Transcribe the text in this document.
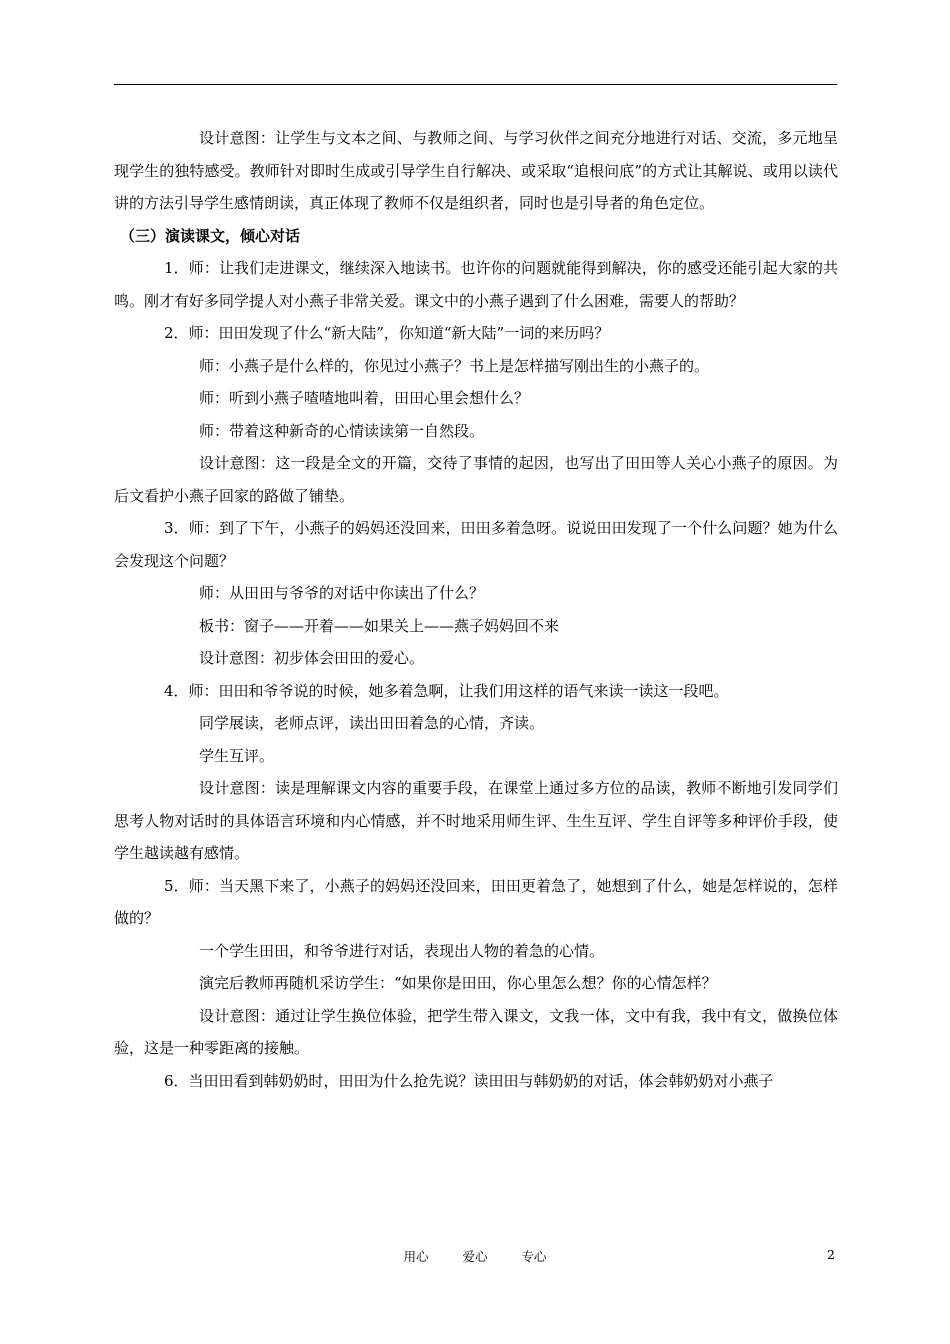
设计意图：让学生与文本之间、与教师之间、与学习伙伴之间充分地进行对话、交流，多元地呈现学生的独特感受。教师针对即时生成或引导学生自行解决、或采取“追根问底”的方式让其解说、或用以读代讲的方法引导学生感情朗读，真正体现了教师不仅是组织者，同时也是引导者的角色定位。

（三）演读课文，倾心对话

1．师：让我们走进课文，继续深入地读书。也许你的问题就能得到解决，你的感受还能引起大家的共鸣。刚才有好多同学提人对小燕子非常关爱。课文中的小燕子遇到了什么困难，需要人的帮助？

2．师：田田发现了什么“新大陆”，你知道“新大陆”一词的来历吗？

师：小燕子是什么样的，你见过小燕子？书上是怎样描写刚出生的小燕子的。

师：听到小燕子喳喳地叫着，田田心里会想什么？

师：带着这种新奇的心情读读第一自然段。

设计意图：这一段是全文的开篇，交待了事情的起因，也写出了田田等人关心小燕子的原因。为后文看护小燕子回家的路做了铺垫。

3．师：到了下午，小燕子的妈妈还没回来，田田多着急呀。说说田田发现了一个什么问题？她为什么会发现这个问题？

师：从田田与爷爷的对话中你读出了什么？

板书：窗子——开着——如果关上——燕子妈妈回不来

设计意图：初步体会田田的爱心。

4．师：田田和爷爷说的时候，她多着急啊，让我们用这样的语气来读一读这一段吧。

同学展读，老师点评，读出田田着急的心情，齐读。

学生互评。

设计意图：读是理解课文内容的重要手段，在课堂上通过多方位的品读，教师不断地引发同学们思考人物对话时的具体语言环境和内心情感，并不时地采用师生评、生生互评、学生自评等多种评价手段，使学生越读越有感情。

5．师：当天黑下来了，小燕子的妈妈还没回来，田田更着急了，她想到了什么，她是怎样说的，怎样做的？

一个学生田田，和爷爷进行对话，表现出人物的着急的心情。

演完后教师再随机采访学生：“如果你是田田，你心里怎么想？你的心情怎样？

设计意图：通过让学生换位体验，把学生带入课文，文我一体，文中有我，我中有文，做换位体验，这是一种零距离的接触。

6．当田田看到韩奶奶时，田田为什么抢先说？读田田与韩奶奶的对话，体会韩奶奶对小燕子

用心	爱心	专心	2
